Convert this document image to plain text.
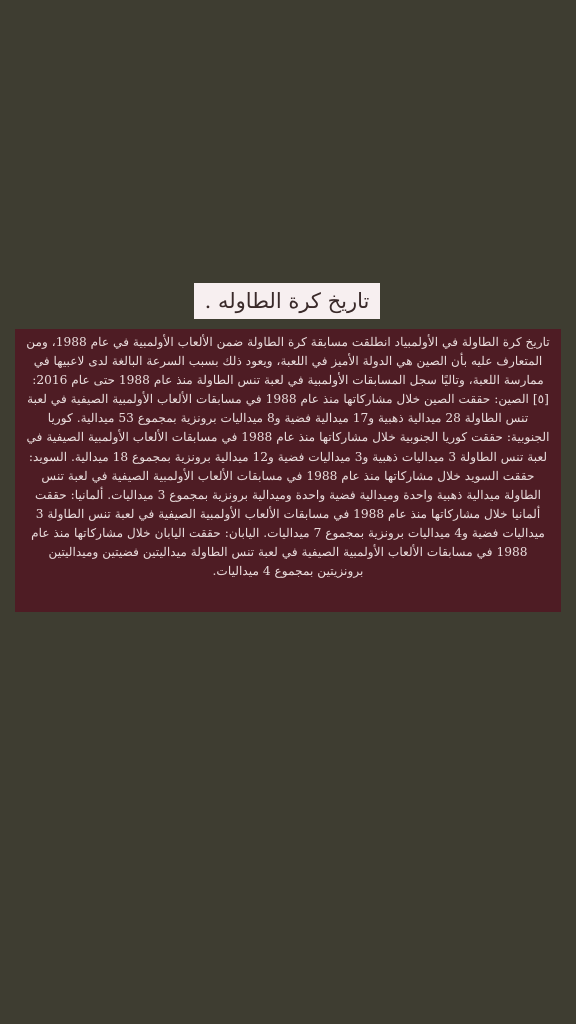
تاريخ كرة الطاوله .
تاريخ كرة الطاولة في الأولمبياد انطلقت مسابقة كرة الطاولة ضمن الألعاب الأولمبية في عام 1988، ومن المتعارف عليه بأن الصين هي الدولة الأميز في اللعبة، ويعود ذلك بسبب السرعة البالغة لدى لاعبيها في ممارسة اللعبة، وتاليًا سجل المسابقات الأولمبية في لعبة تنس الطاولة منذ عام 1988 حتى عام 2016:[٥] الصين: حققت الصين خلال مشاركاتها منذ عام 1988 في مسابقات الألعاب الأولمبية الصيفية في لعبة تنس الطاولة 28 ميدالية ذهبية و17 ميدالية فضية و8 ميداليات برونزية بمجموع 53 ميدالية. كوريا الجنوبية: حققت كوريا الجنوبية خلال مشاركاتها منذ عام 1988 في مسابقات الألعاب الأولمبية الصيفية في لعبة تنس الطاولة 3 ميداليات ذهبية و3 ميداليات فضية و12 ميدالية برونزية بمجموع 18 ميدالية. السويد: حققت السويد خلال مشاركاتها منذ عام 1988 في مسابقات الألعاب الأولمبية الصيفية في لعبة تنس الطاولة ميدالية ذهبية واحدة وميدالية فضية واحدة وميدالية برونزية بمجموع 3 ميداليات. ألمانيا: حققت ألمانيا خلال مشاركاتها منذ عام 1988 في مسابقات الألعاب الأولمبية الصيفية في لعبة تنس الطاولة 3 ميداليات فضية و4 ميداليات برونزية بمجموع 7 ميداليات. اليابان: حققت اليابان خلال مشاركاتها منذ عام 1988 في مسابقات الألعاب الأولمبية الصيفية في لعبة تنس الطاولة ميداليتين فضيتين وميداليتين برونزيتين بمجموع 4 ميداليات.
